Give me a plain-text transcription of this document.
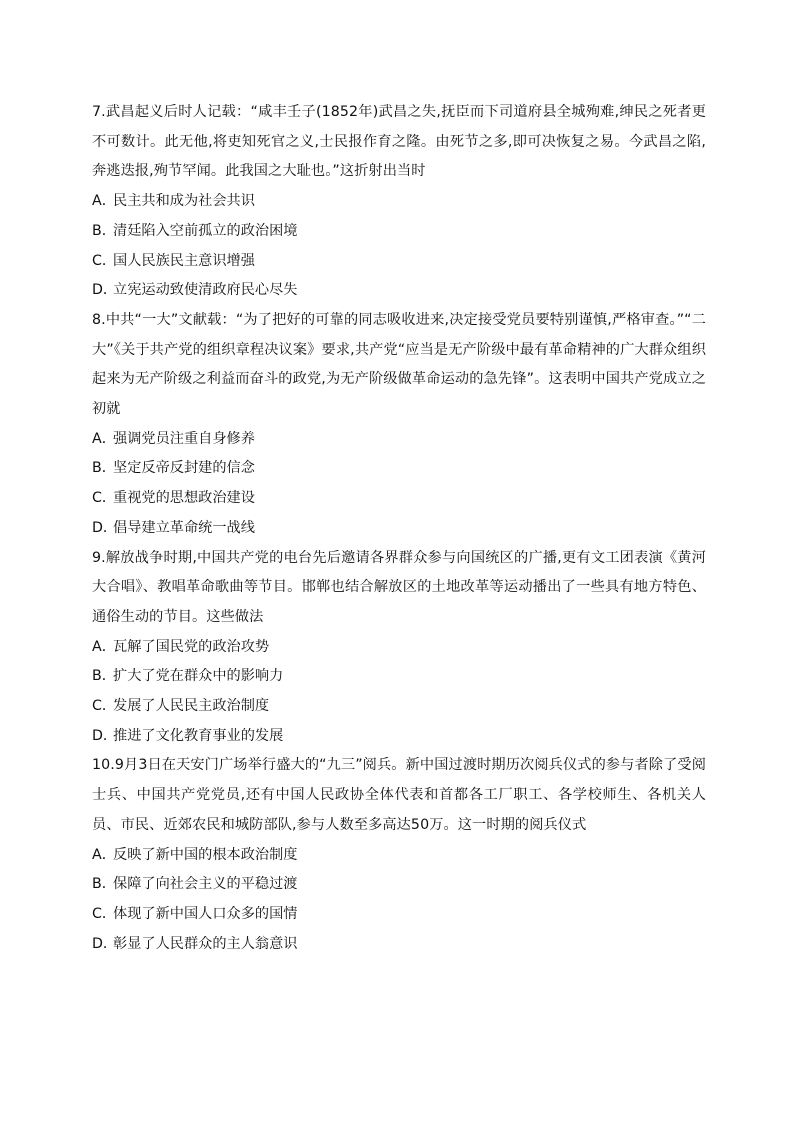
7.武昌起义后时人记载：“咸丰壬子(1852年)武昌之失,抚臣而下司道府县全城殉难,绅民之死者更不可数计。此无他,将吏知死官之义,士民报作育之隆。由死节之多,即可决恢复之易。今武昌之陷,奔逃迭报,殉节罕闻。此我国之大耻也。”这折射出当时

A．民主共和成为社会共识

B．清廷陷入空前孤立的政治困境

C．国人民族民主意识增强

D．立宪运动致使清政府民心尽失

8.中共“一大”文献载：“为了把好的可靠的同志吸收进来,决定接受党员要特别谨慎,严格审查。”“二大”《关于共产党的组织章程决议案》要求,共产党“应当是无产阶级中最有革命精神的广大群众组织起来为无产阶级之利益而奋斗的政党,为无产阶级做革命运动的急先锋”。这表明中国共产党成立之初就

A．强调党员注重自身修养

B．坚定反帝反封建的信念

C．重视党的思想政治建设

D．倡导建立革命统一战线

9.解放战争时期,中国共产党的电台先后邀请各界群众参与向国统区的广播,更有文工团表演《黄河大合唱》、教唱革命歌曲等节目。邯郸也结合解放区的土地改革等运动播出了一些具有地方特色、通俗生动的节目。这些做法

A．瓦解了国民党的政治攻势

B．扩大了党在群众中的影响力

C．发展了人民民主政治制度

D．推进了文化教育事业的发展

10.9月3日在天安门广场举行盛大的“九三”阅兵。新中国过渡时期历次阅兵仪式的参与者除了受阅士兵、中国共产党党员,还有中国人民政协全体代表和首都各工厂职工、各学校师生、各机关人员、市民、近郊农民和城防部队,参与人数至多高达50万。这一时期的阅兵仪式

A．反映了新中国的根本政治制度

B．保障了向社会主义的平稳过渡

C．体现了新中国人口众多的国情

D．彰显了人民群众的主人翁意识
